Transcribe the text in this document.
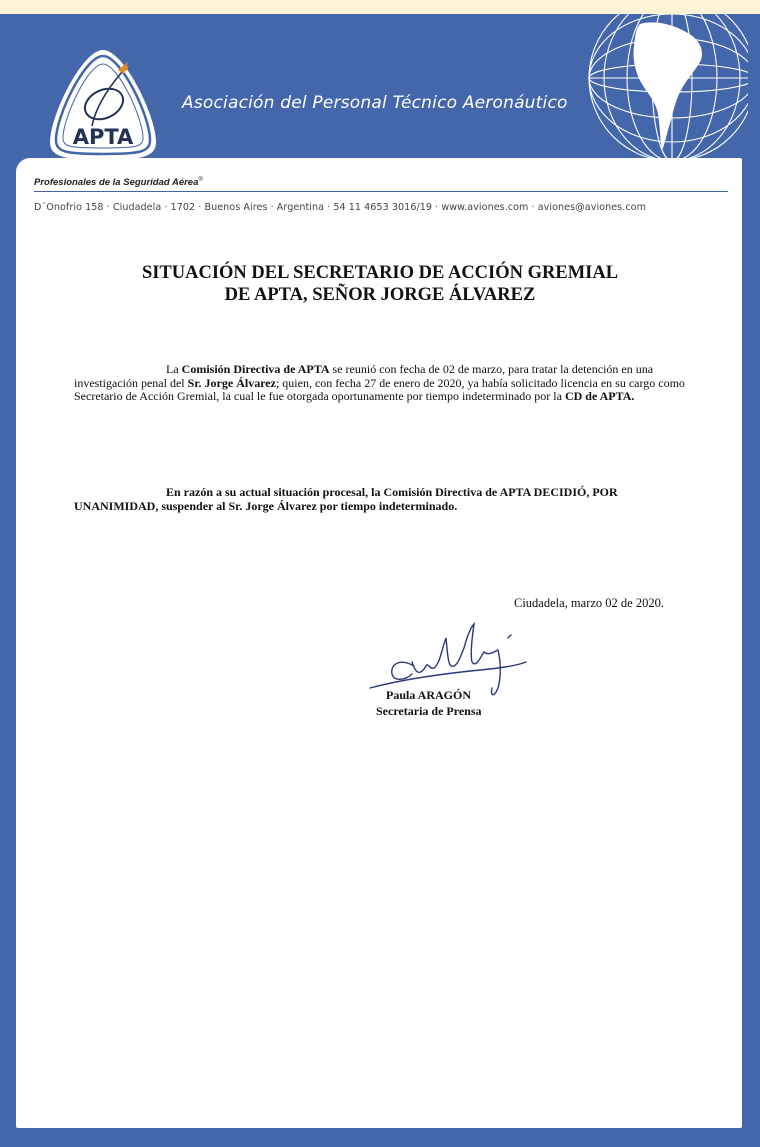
APTA
Asociación del Personal Técnico Aeronáutico
Profesionales de la Seguridad Aérea®
D´Onofrio 158 · Ciudadela · 1702 · Buenos Aires · Argentina · 54 11 4653 3016/19 · www.aviones.com · aviones@aviones.com
SITUACIÓN DEL SECRETARIO DE ACCIÓN GREMIAL
DE APTA, SEÑOR JORGE ÁLVAREZ
La Comisión Directiva de APTA se reunió con fecha de 02 de marzo, para tratar la detención en una investigación penal del Sr. Jorge Álvarez; quien, con fecha 27 de enero de 2020, ya había solicitado licencia en su cargo como Secretario de Acción Gremial, la cual le fue otorgada oportunamente por tiempo indeterminado por la CD de APTA.
En razón a su actual situación procesal, la Comisión Directiva de APTA DECIDIÓ, POR UNANIMIDAD, suspender al Sr. Jorge Álvarez por tiempo indeterminado.
Ciudadela, marzo 02 de 2020.
Paula ARAGÓN
Secretaria de Prensa
